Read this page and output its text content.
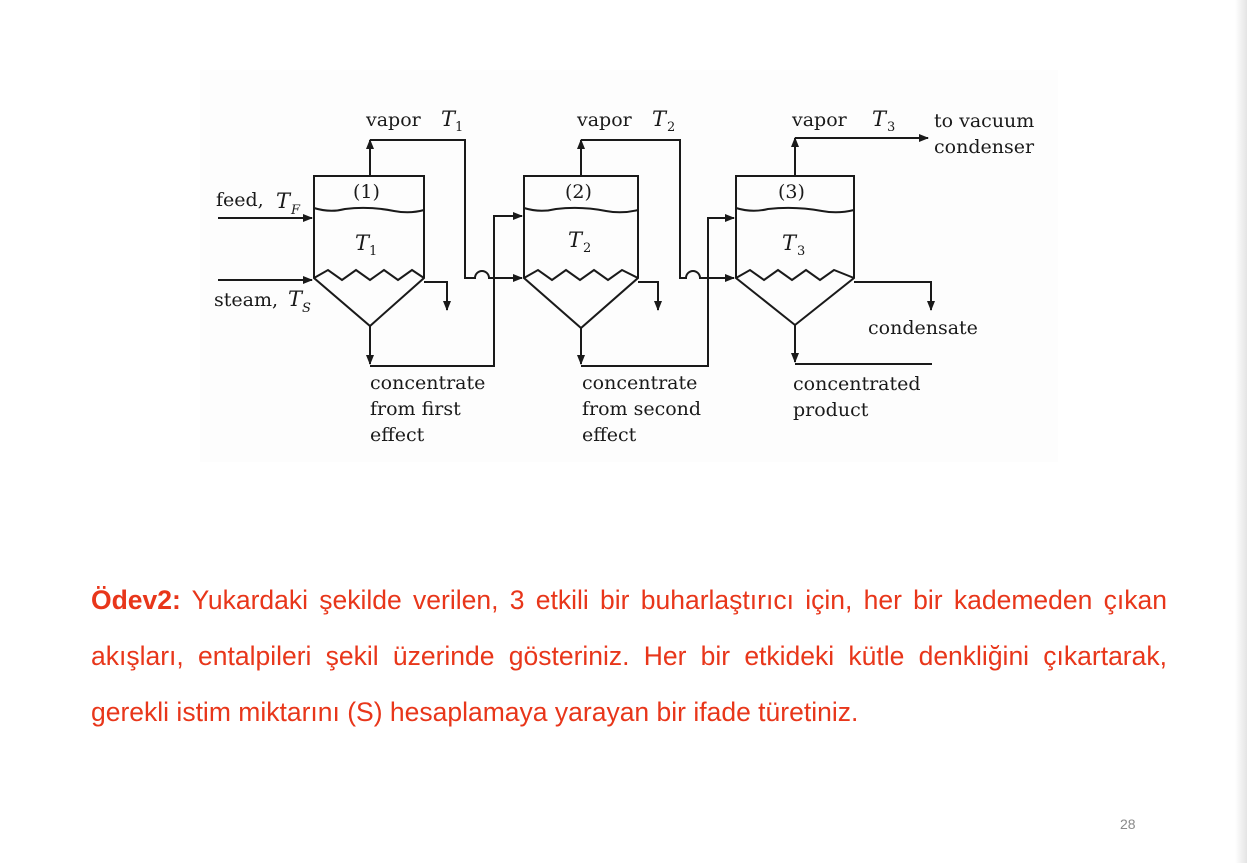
vapor T 1	vapor T 2	vapor T 3 to vacuum
condenser
feed, T F
steam, T S
(1)	(2)	(3)
T 1	T 2	T 3
condensate
concentrate
from first
effect
concentrate
from second
effect
concentrated
product

Ödev2: Yukardaki şekilde verilen, 3 etkili bir buharlaştırıcı için, her bir kademeden çıkan akışları, entalpileri şekil üzerinde gösteriniz. Her bir etkideki kütle denkliğini çıkartarak, gerekli istim miktarını (S) hesaplamaya yarayan bir ifade türetiniz.

28
